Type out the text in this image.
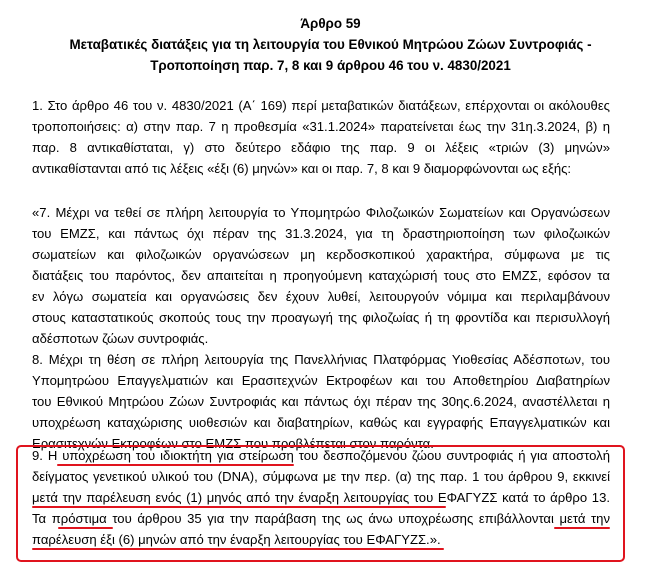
Άρθρο 59
Μεταβατικές διατάξεις για τη λειτουργία του Εθνικού Μητρώου Ζώων Συντροφιάς -
Τροποποίηση παρ. 7, 8 και 9 άρθρου 46 του ν. 4830/2021
1. Στο άρθρο 46 του ν. 4830/2021 (Α΄ 169) περί μεταβατικών διατάξεων, επέρχονται οι ακόλουθες
τροποποιήσεις: α) στην παρ. 7 η προθεσμία «31.1.2024» παρατείνεται έως την 31η.3.2024, β) η
παρ. 8 αντικαθίσταται, γ) στο δεύτερο εδάφιο της παρ. 9 οι λέξεις «τριών (3) μηνών»
αντικαθίστανται από τις λέξεις «έξι (6) μηνών» και οι παρ. 7, 8 και 9 διαμορφώνονται ως εξής:
«7. Μέχρι να τεθεί σε πλήρη λειτουργία το Υπομητρώο Φιλοζωικών Σωματείων και Οργανώσεων
του ΕΜΖΣ, και πάντως όχι πέραν της 31.3.2024, για τη δραστηριοποίηση των φιλοζωικών
σωματείων και φιλοζωικών οργανώσεων μη κερδοσκοπικού χαρακτήρα, σύμφωνα με τις
διατάξεις του παρόντος, δεν απαιτείται η προηγούμενη καταχώρισή τους στο ΕΜΖΣ, εφόσον τα
εν λόγω σωματεία και οργανώσεις δεν έχουν λυθεί, λειτουργούν νόμιμα και περιλαμβάνουν
στους καταστατικούς σκοπούς τους την προαγωγή της φιλοζωίας ή τη φροντίδα και περισυλλογή
αδέσποτων ζώων συντροφιάς.
8. Μέχρι τη θέση σε πλήρη λειτουργία της Πανελλήνιας Πλατφόρμας Υιοθεσίας Αδέσποτων, του
Υπομητρώου Επαγγελματιών και Ερασιτεχνών Εκτροφέων και του Αποθετηρίου Διαβατηρίων
του Εθνικού Μητρώου Ζώων Συντροφιάς και πάντως όχι πέραν της 30ης.6.2024, αναστέλλεται η
υποχρέωση καταχώρισης υιοθεσιών και διαβατηρίων, καθώς και εγγραφής Επαγγελματικών και
Ερασιτεχνών Εκτροφέων στο ΕΜΖΣ που προβλέπεται στον παρόντα.
9. Η υποχρέωση του ιδιοκτήτη για στείρωση του δεσποζόμενου ζώου συντροφιάς ή για αποστολή
δείγματος γενετικού υλικού του (DNA), σύμφωνα με την περ. (α) της παρ. 1 του άρθρου 9, εκκινεί
μετά την παρέλευση ενός (1) μηνός από την έναρξη λειτουργίας του ΕΦΑΓΥΖΣ κατά το άρθρο 13.
Τα πρόστιμα του άρθρου 35 για την παράβαση της ως άνω υποχρέωσης επιβάλλονται μετά την
παρέλευση έξι (6) μηνών από την έναρξη λειτουργίας του ΕΦΑΓΥΖΣ.».
